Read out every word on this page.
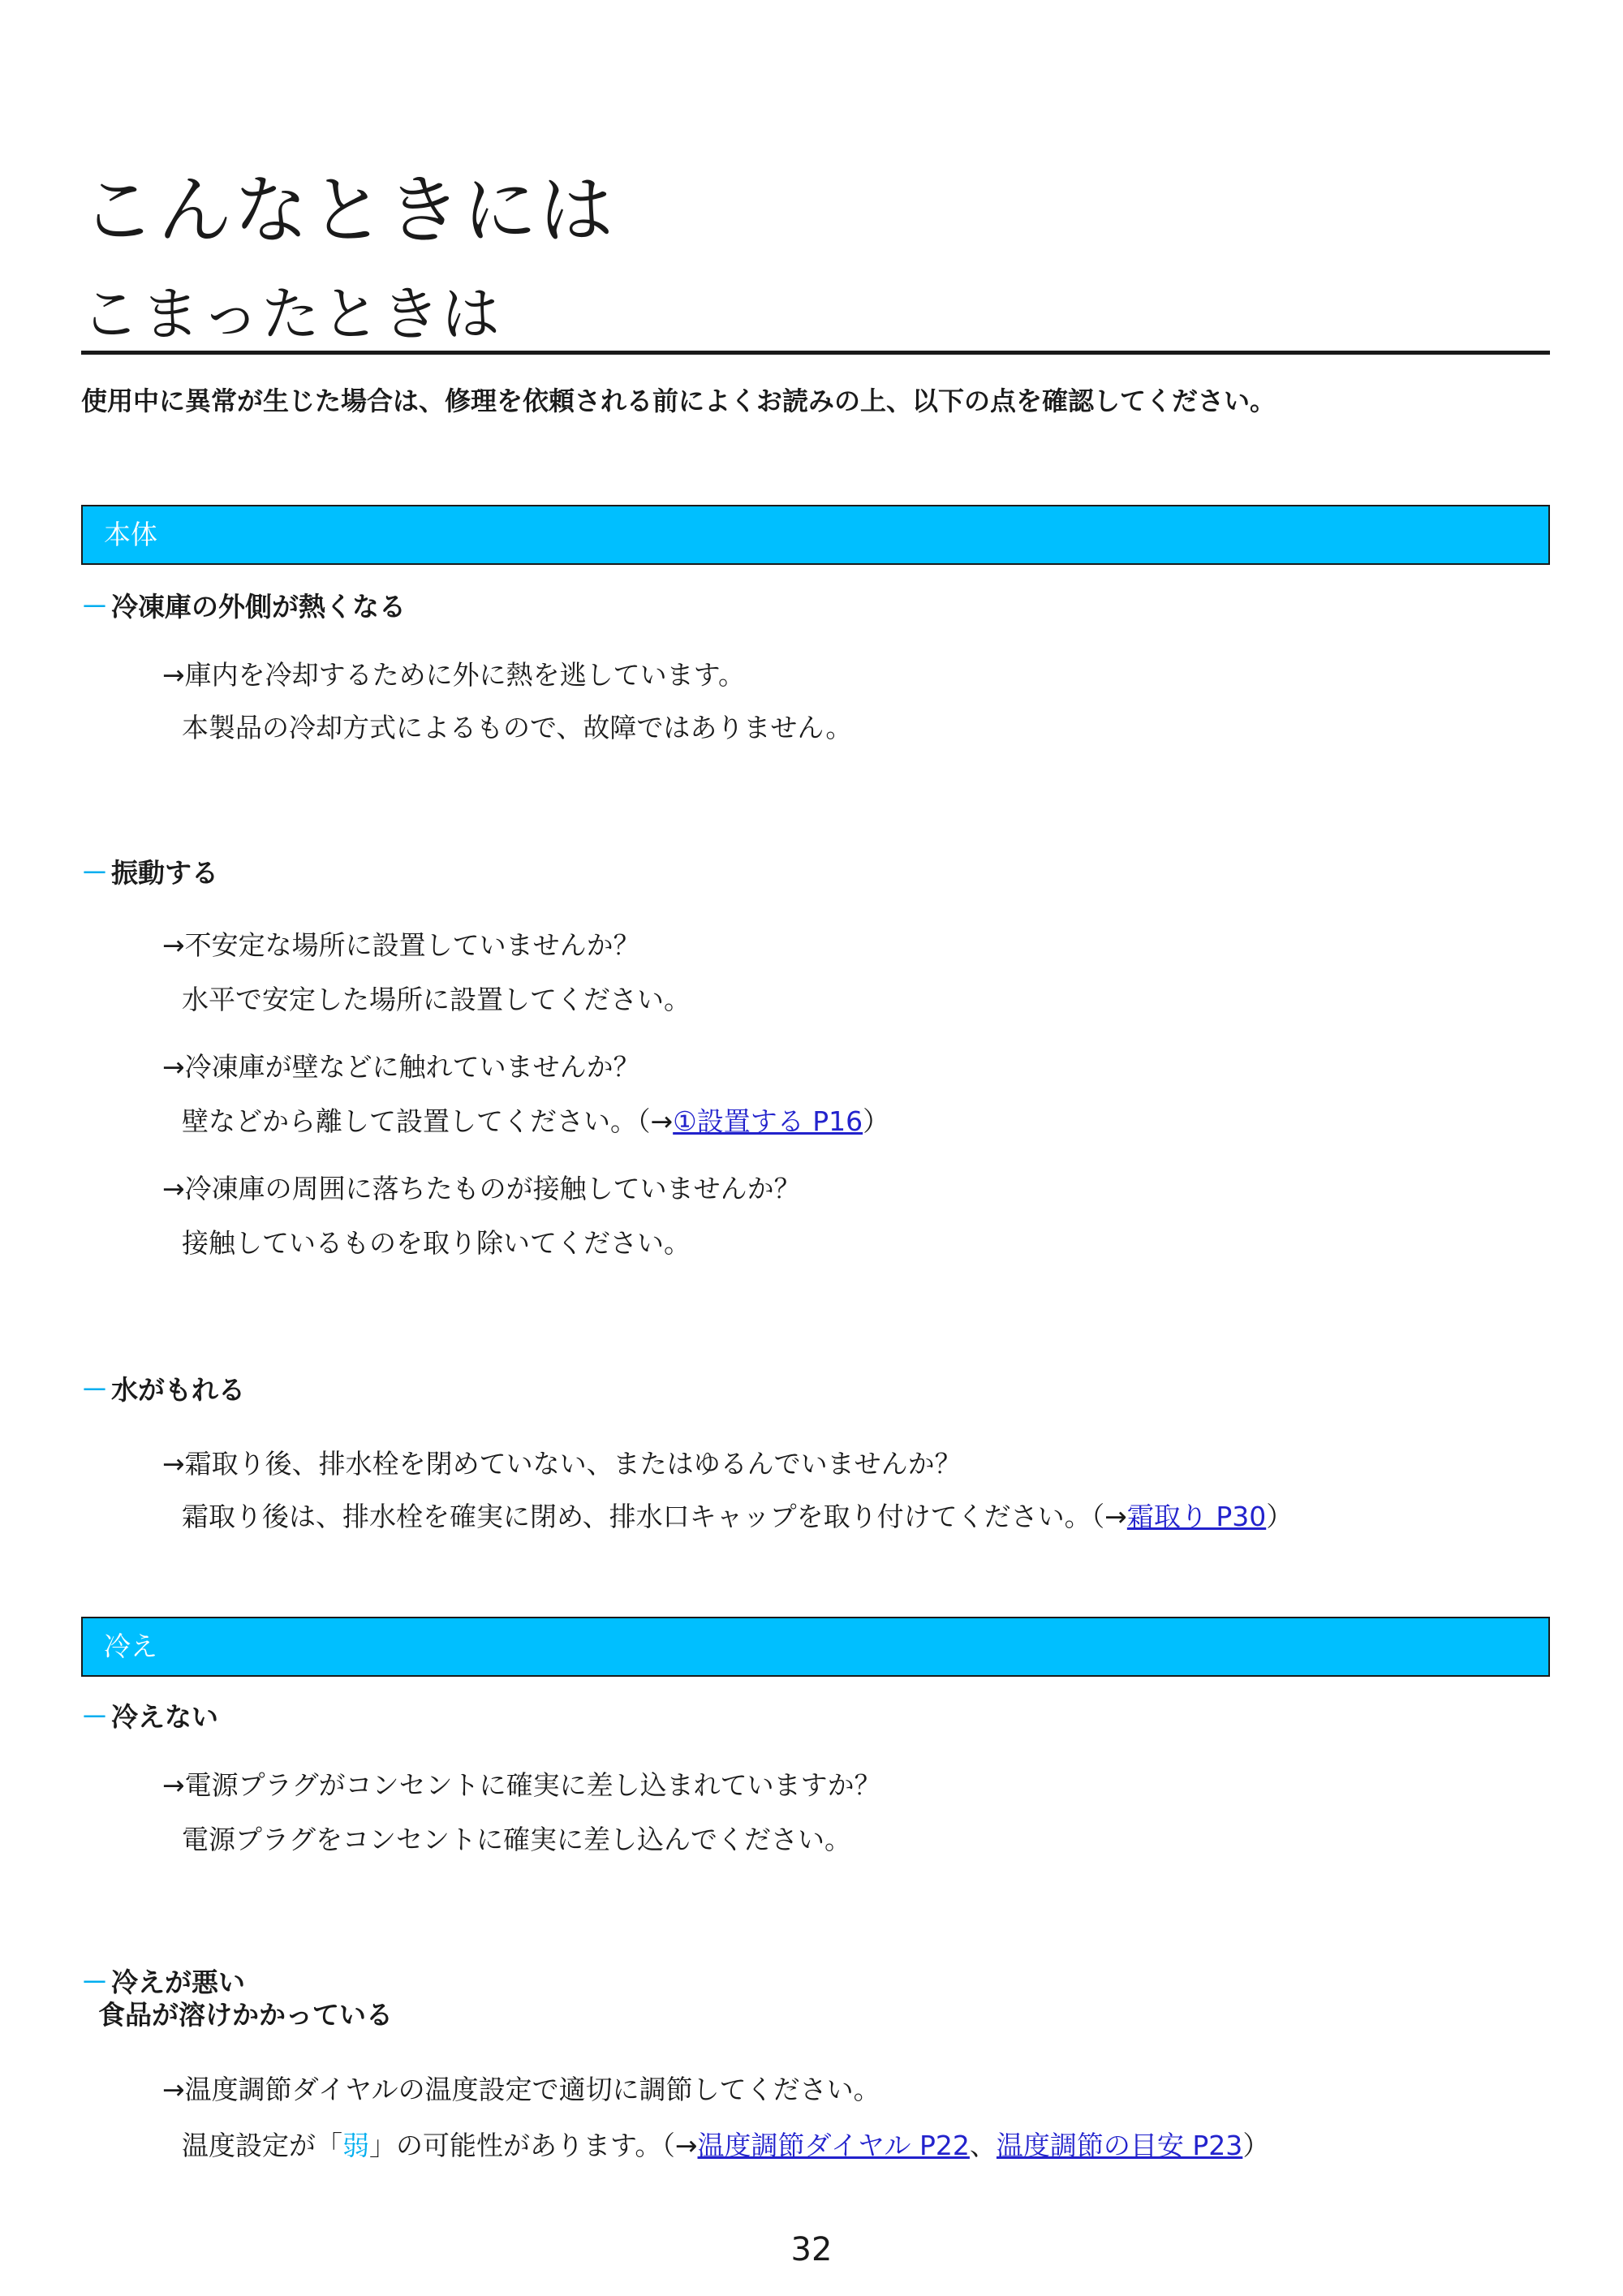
こんなときには
こまったときは
使用中に異常が生じた場合は、修理を依頼される前によくお読みの上、以下の点を確認してください。
本体
－ 冷凍庫の外側が熱くなる
→庫内を冷却するために外に熱を逃しています。
本製品の冷却方式によるもので、故障ではありません。
－ 振動する
→不安定な場所に設置していませんか？
水平で安定した場所に設置してください。
→冷凍庫が壁などに触れていませんか？
壁などから離して設置してください。（→①設置する P16）
→冷凍庫の周囲に落ちたものが接触していませんか？
接触しているものを取り除いてください。
－ 水がもれる
→霜取り後、排水栓を閉めていない、またはゆるんでいませんか？
霜取り後は、排水栓を確実に閉め、排水口キャップを取り付けてください。（→霜取り P30）
冷え
－ 冷えない
→電源プラグがコンセントに確実に差し込まれていますか？
電源プラグをコンセントに確実に差し込んでください。
－ 冷えが悪い
食品が溶けかかっている
→温度調節ダイヤルの温度設定で適切に調節してください。
温度設定が「弱」の可能性があります。（→温度調節ダイヤル P22、温度調節の目安 P23）
32
